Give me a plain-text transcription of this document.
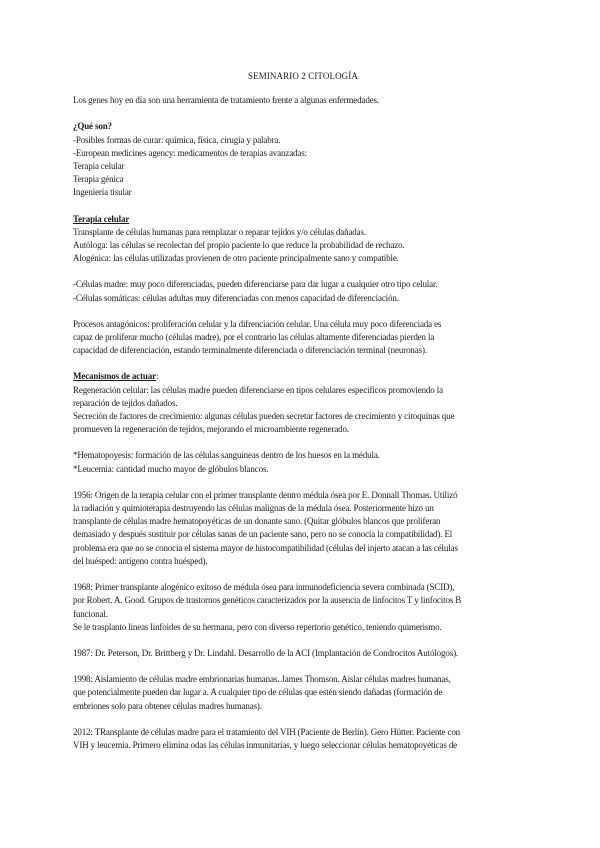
SEMINARIO 2 CITOLOGÍA

Los genes hoy en día son una herramienta de tratamiento frente a algunas enfermedades.

¿Qué son?

-Posibles formas de curar: química, física, cirugía y palabra.

-European medicines agency: medicamentos de terapias avanzadas:

Terapia celular

Terapia génica

Ingeniería tisular

Terapia celular

Transplante de células humanas para remplazar o reparar tejidos y/o células dañadas.

Autóloga: las células se recolectan del propio paciente lo que reduce la probabilidad de rechazo.

Alogénica: las células utilizadas provienen de otro paciente principalmente sano y compatible.

-Células madre: muy poco diferenciadas, pueden diferenciarse para dar lugar a cualquier otro tipo celular.

-Células somáticas: células adultas muy diferenciadas con menos capacidad de diferenciación.

Procesos antagónicos: proliferación celular y la difrenciación celular. Una célula muy poco diferenciada es

capaz de proliferar mucho (células madre), por el contrario las células altamente diferenciadas pierden la

capacidad de diferenciación, estando terminalmente diferenciada o diferenciación terminal (neuronas).

Mecanismos de actuar:

Regeneración celular: las células madre pueden diferenciarse en tipos celulares específicos promoviendo la

reparación de tejidos dañados.

Secreción de factores de crecimiento: algunas células pueden secretar factores de crecimiento y citoquinas que

promueven la regeneración de tejidos, mejorando el microambiente regenerado.

*Hematopoyesis: formación de las células sanguíneas dentro de los huesos en la médula.

*Leucemia: cantidad mucho mayor de glóbulos blancos.

1956: Origen de la terapia celular con el primer transplante dentro médula ósea por E. Donnall Thomas. Utilizó

la radiación y quimioterapia destruyendo las células malignas de la médula ósea. Posteriormente hizo un

transplante de células madre hematopoyéticas de un donante sano. (Quitar glóbulos blancos que proliferan

demasiado y después sustituir por células sanas de un paciente sano, pero no se conocía la compatibilidad). El

problema era que no se conocía el sistema mayor de histocompatibilidad (células del injerto atacan a las células

del huésped: antígeno contra huésped).

1968: Primer transplante alogénico exitoso de médula ósea para inmunodeficiencia severa combinada (SCID),

por Robert. A. Good. Grupos de trastornos genéticos caracterizados por la ausencia de linfocitos T y linfocitos B

funcional.

Se le trasplanto líneas linfoides de su hermana, pero con diverso repertorio genético, teniendo quimerismo.

1987: Dr. Peterson, Dr. Brittberg y Dr. Lindahl. Desarrollo de la ACI (Implantación de Condrocitos Autólogos).

1998: Aislamiento de células madre embrionarias humanas. James Thomson. Aislar células madres humanas,

que potencialmente pueden dar lugar a. A cualquier tipo de células que estén siendo dañadas (formación de

embriones solo para obtener células madres humanas).

2012: TRansplante de células madre para el tratamiento del VIH (Paciente de Berlín). Gero Hütter. Paciente con

VIH y leucemia. Primero elimina odas las células inmunitarias, y luego seleccionar células hematopoyéticas de
